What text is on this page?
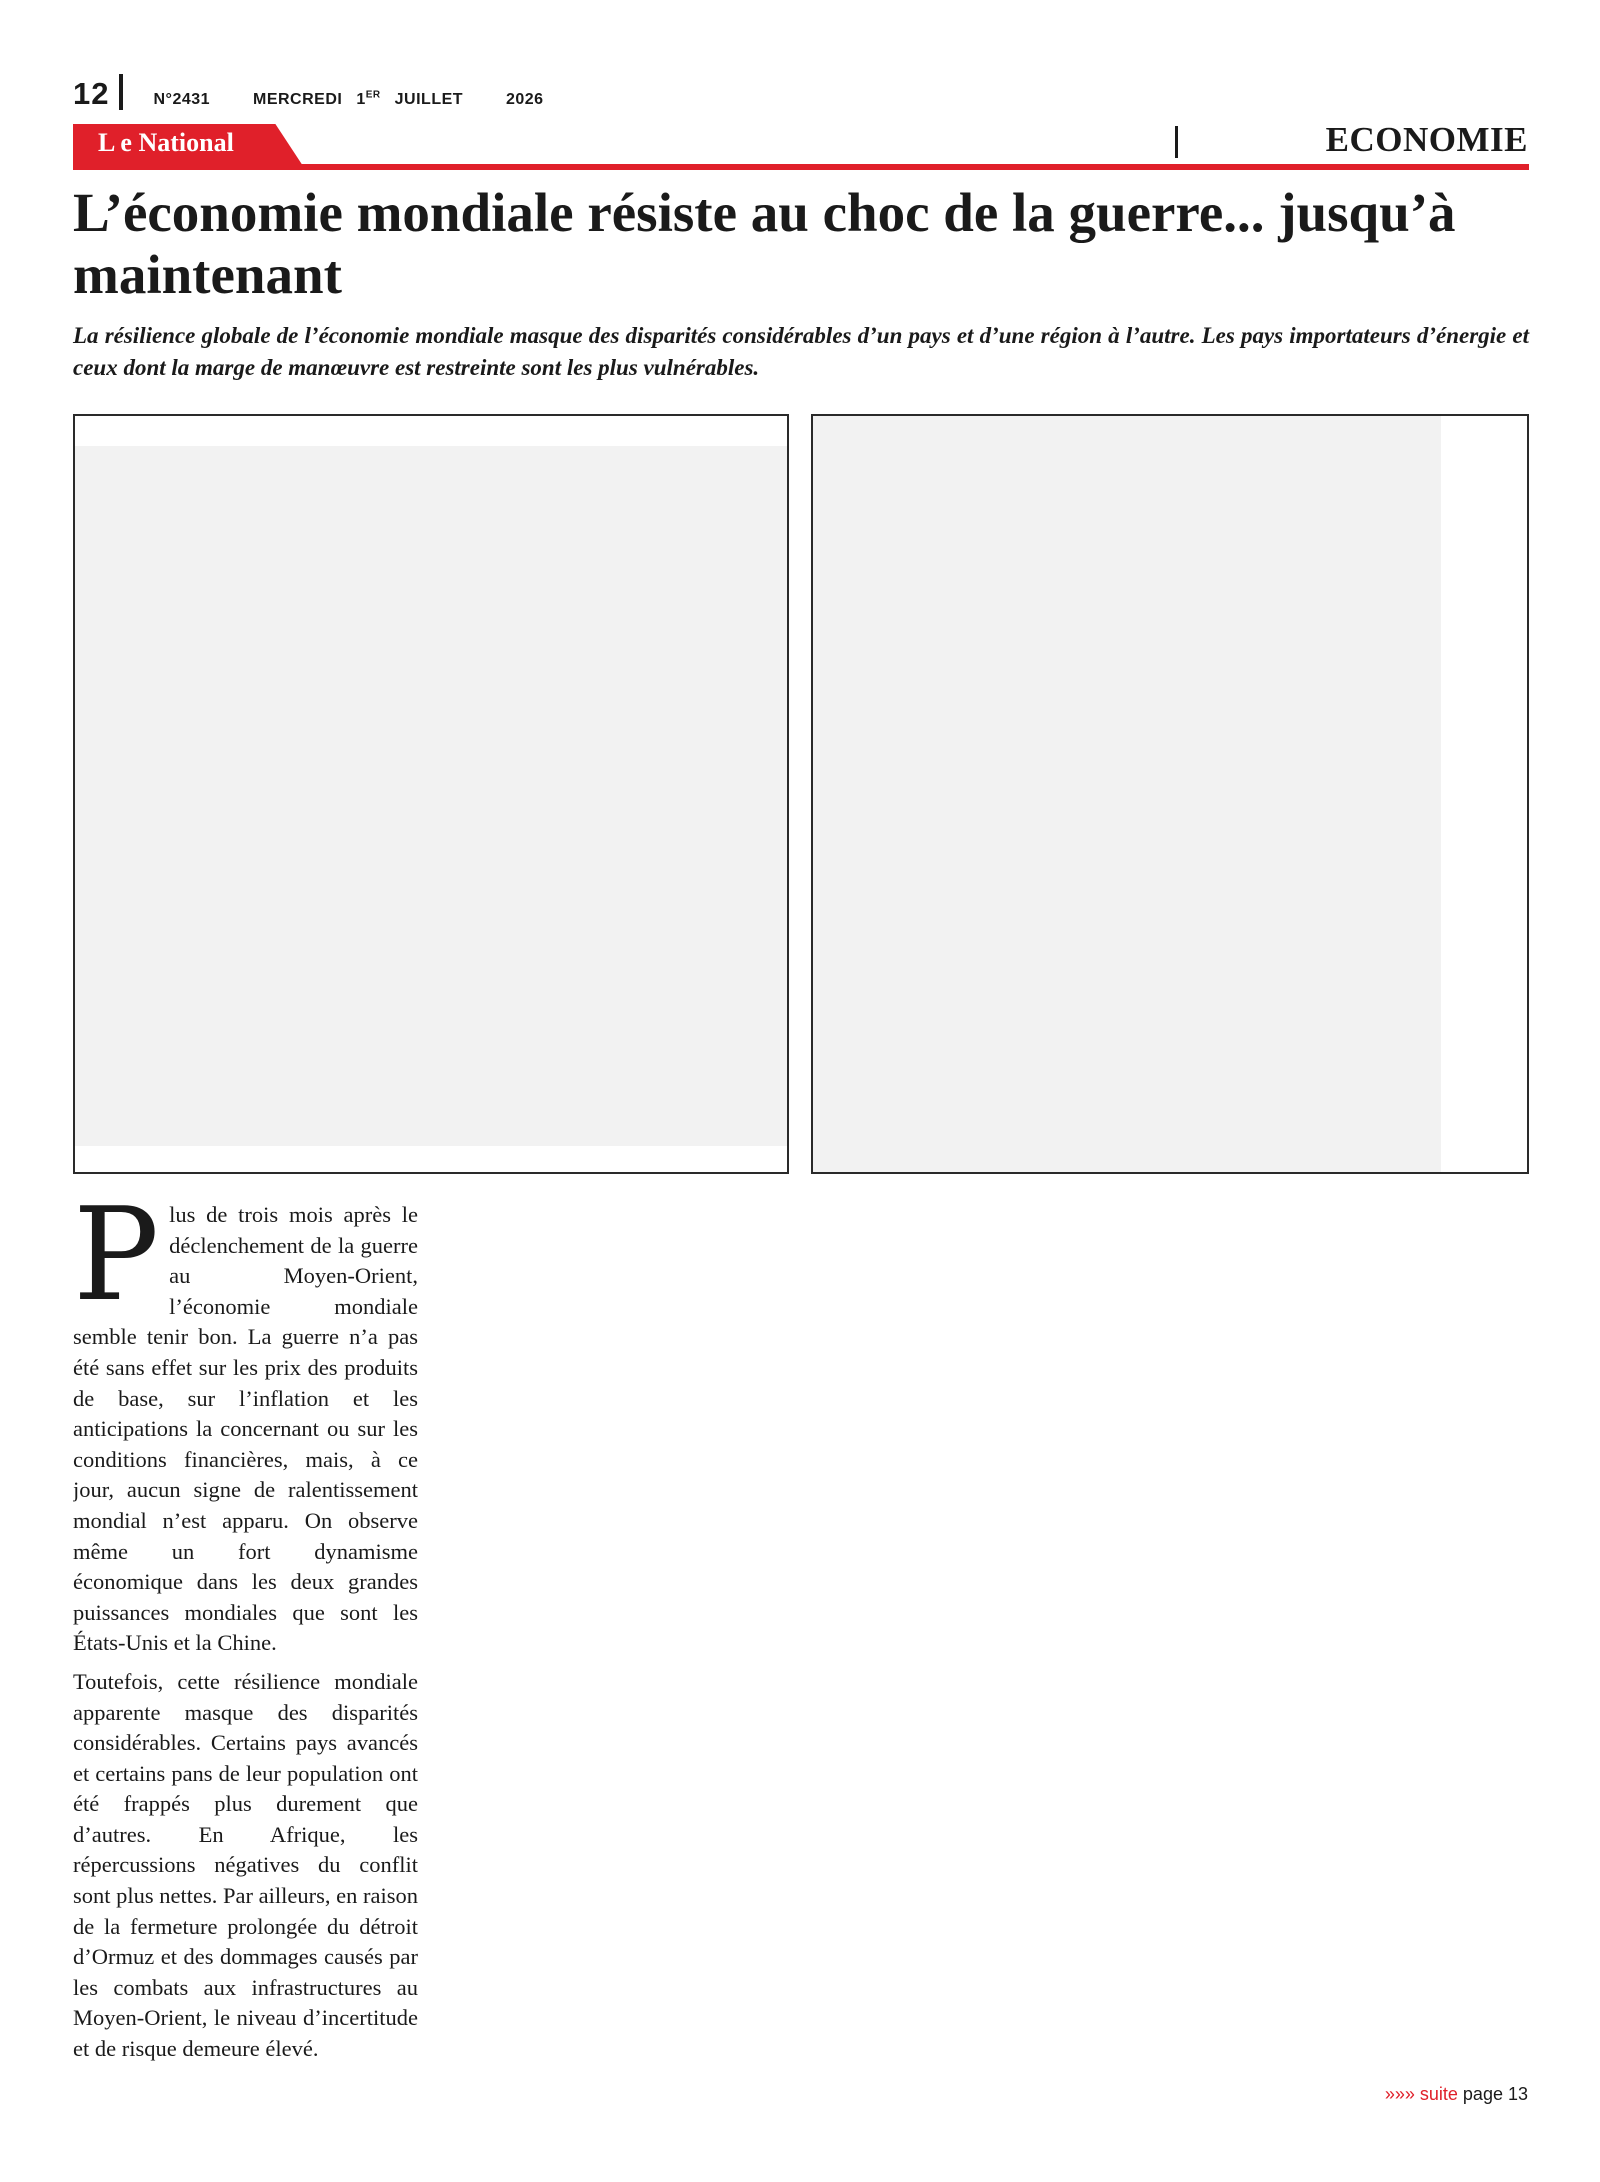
12	N°2431	MERCREDI 1ER JUILLET	2026
L e National	ECONOMIE
L’économie mondiale résiste au choc de la guerre... jusqu’à maintenant

La résilience globale de l’économie mondiale masque des disparités considérables d’un pays et d’une région à l’autre. Les pays importateurs d’énergie et ceux dont la marge de manœuvre est restreinte sont les plus vulnérables.

Plus de trois mois après le déclenchement de la guerre au Moyen-Orient, l’économie mondiale semble tenir bon. La guerre n’a pas été sans effet sur les prix des produits de base, sur l’inflation et les anticipations la concernant ou sur les conditions financières, mais, à ce jour, aucun signe de ralentissement mondial n’est apparu. On observe même un fort dynamisme économique dans les deux grandes puissances mondiales que sont les États-Unis et la Chine.

Toutefois, cette résilience mondiale apparente masque des disparités considérables. Certains pays avancés et certains pans de leur population ont été frappés plus durement que d’autres. En Afrique, les répercussions négatives du conflit sont plus nettes. Par ailleurs, en raison de la fermeture prolongée du détroit d’Ormuz et des dommages causés par les combats aux infrastructures au Moyen-Orient, le niveau d’incertitude et de risque demeure élevé.

»»» suite page 13
